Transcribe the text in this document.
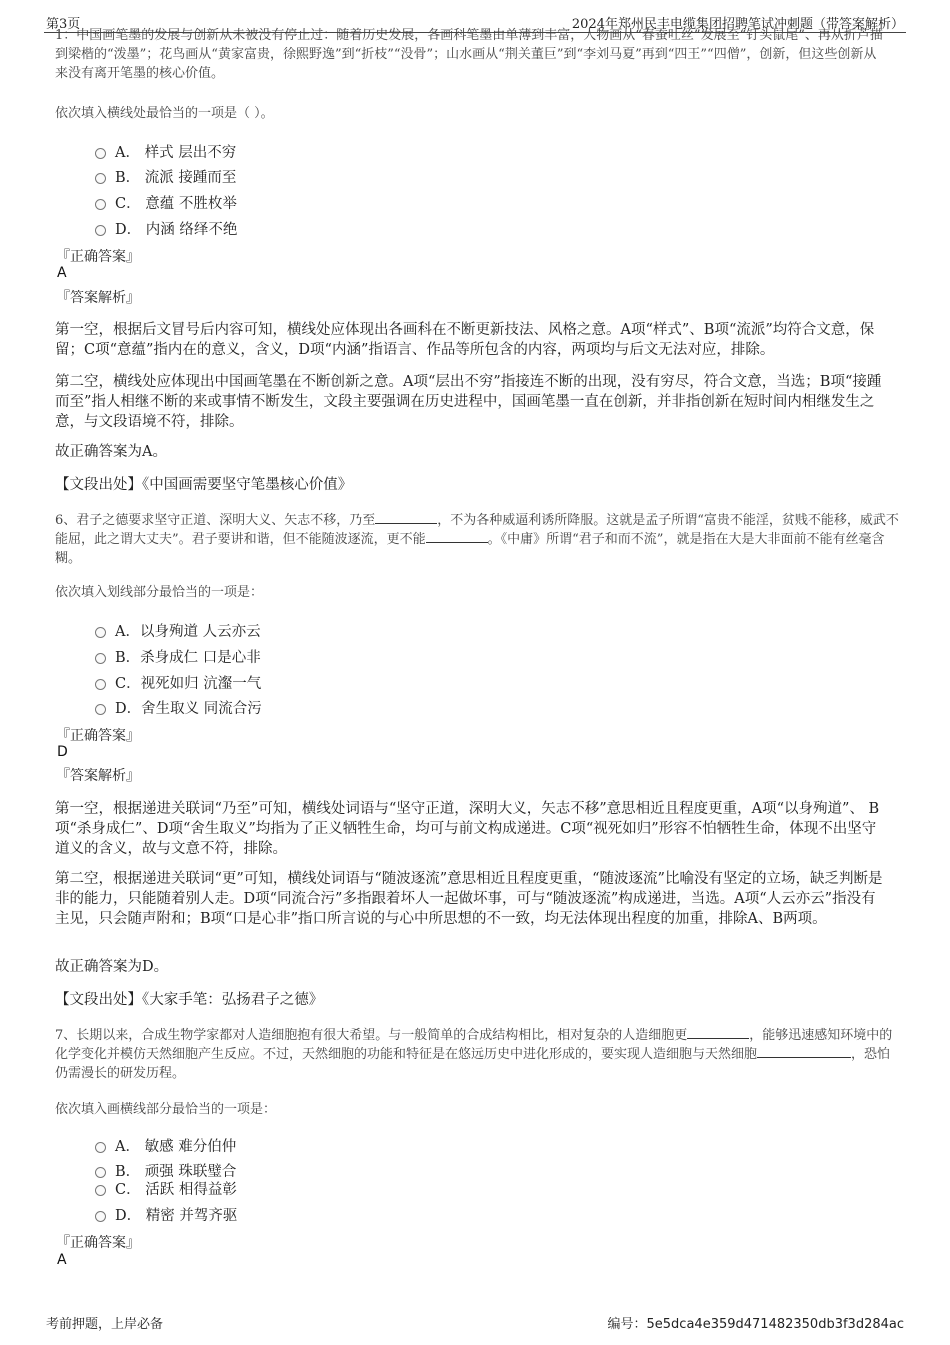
第3页	2024年郑州民丰电缆集团招聘笔试冲刺题（带答案解析）
1：中国画笔墨的发展与创新从未被没有停止过：随着历史发展，各画科笔墨由单薄到丰富，人物画从“春蚕吐丝”发展至“钉头鼠尾”、再从折芦描
到梁楷的“泼墨”；花鸟画从“黄家富贵，徐熙野逸”到“折枝”“没骨”；山水画从“荆关董巨”到“李刘马夏”再到“四王”“四僧”，创新，但这些创新从
来没有离开笔墨的核心价值。
依次填入横线处最恰当的一项是（ ）。
A． 样式 层出不穷
B． 流派 接踵而至
C． 意蕴 不胜枚举
D． 内涵 络绎不绝
『正确答案』
A
『答案解析』
第一空，根据后文冒号后内容可知，横线处应体现出各画科在不断更新技法、风格之意。A项“样式”、B项“流派”均符合文意，保留；C项“意蕴”指内在的意义，含义，D项“内涵”指语言、作品等所包含的内容，两项均与后文无法对应，排除。
第二空，横线处应体现出中国画笔墨在不断创新之意。A项“层出不穷”指接连不断的出现，没有穷尽，符合文意，当选；B项“接踵而至”指人相继不断的来或事情不断发生，文段主要强调在历史进程中，国画笔墨一直在创新，并非指创新在短时间内相继发生之意，与文段语境不符，排除。
故正确答案为A。
【文段出处】《中国画需要坚守笔墨核心价值》
6、君子之德要求坚守正道、深明大义、矢志不移，乃至	，不为各种威逼利诱所降服。这就是孟子所谓“富贵不能淫，贫贱不能移，威武不能屈，此之谓大丈夫”。君子要讲和谐，但不能随波逐流，更不能	。《中庸》所谓“君子和而不流”，就是指在大是大非面前不能有丝毫含糊。
依次填入划线部分最恰当的一项是：
A． 以身殉道 人云亦云
B． 杀身成仁 口是心非
C． 视死如归 沆瀣一气
D． 舍生取义 同流合污
『正确答案』
D
『答案解析』
第一空，根据递进关联词“乃至”可知，横线处词语与“坚守正道，深明大义，矢志不移”意思相近且程度更重，A项“以身殉道”、 B项“杀身成仁”、D项“舍生取义”均指为了正义牺牲生命，均可与前文构成递进。C项“视死如归”形容不怕牺牲生命，体现不出坚守道义的含义，故与文意不符，排除。
第二空，根据递进关联词“更”可知，横线处词语与“随波逐流”意思相近且程度更重，“随波逐流”比喻没有坚定的立场，缺乏判断是非的能力，只能随着别人走。D项“同流合污”多指跟着坏人一起做坏事，可与“随波逐流”构成递进，当选。A项“人云亦云”指没有主见，只会随声附和；B项“口是心非”指口所言说的与心中所思想的不一致，均无法体现出程度的加重，排除A、B两项。
故正确答案为D。
【文段出处】《大家手笔：弘扬君子之德》
7、长期以来，合成生物学家都对人造细胞抱有很大希望。与一般简单的合成结构相比，相对复杂的人造细胞更	，能够迅速感知环境中的化学变化并模仿天然细胞产生反应。不过，天然细胞的功能和特征是在悠远历史中进化形成的，要实现人造细胞与天然细胞	，恐怕仍需漫长的研发历程。
依次填入画横线部分最恰当的一项是：
A． 敏感 难分伯仲
B． 顽强 珠联璧合
C． 活跃 相得益彰
D． 精密 并驾齐驱
『正确答案』
A
考前押题，上岸必备	编号：5e5dca4e359d471482350db3f3d284ac
